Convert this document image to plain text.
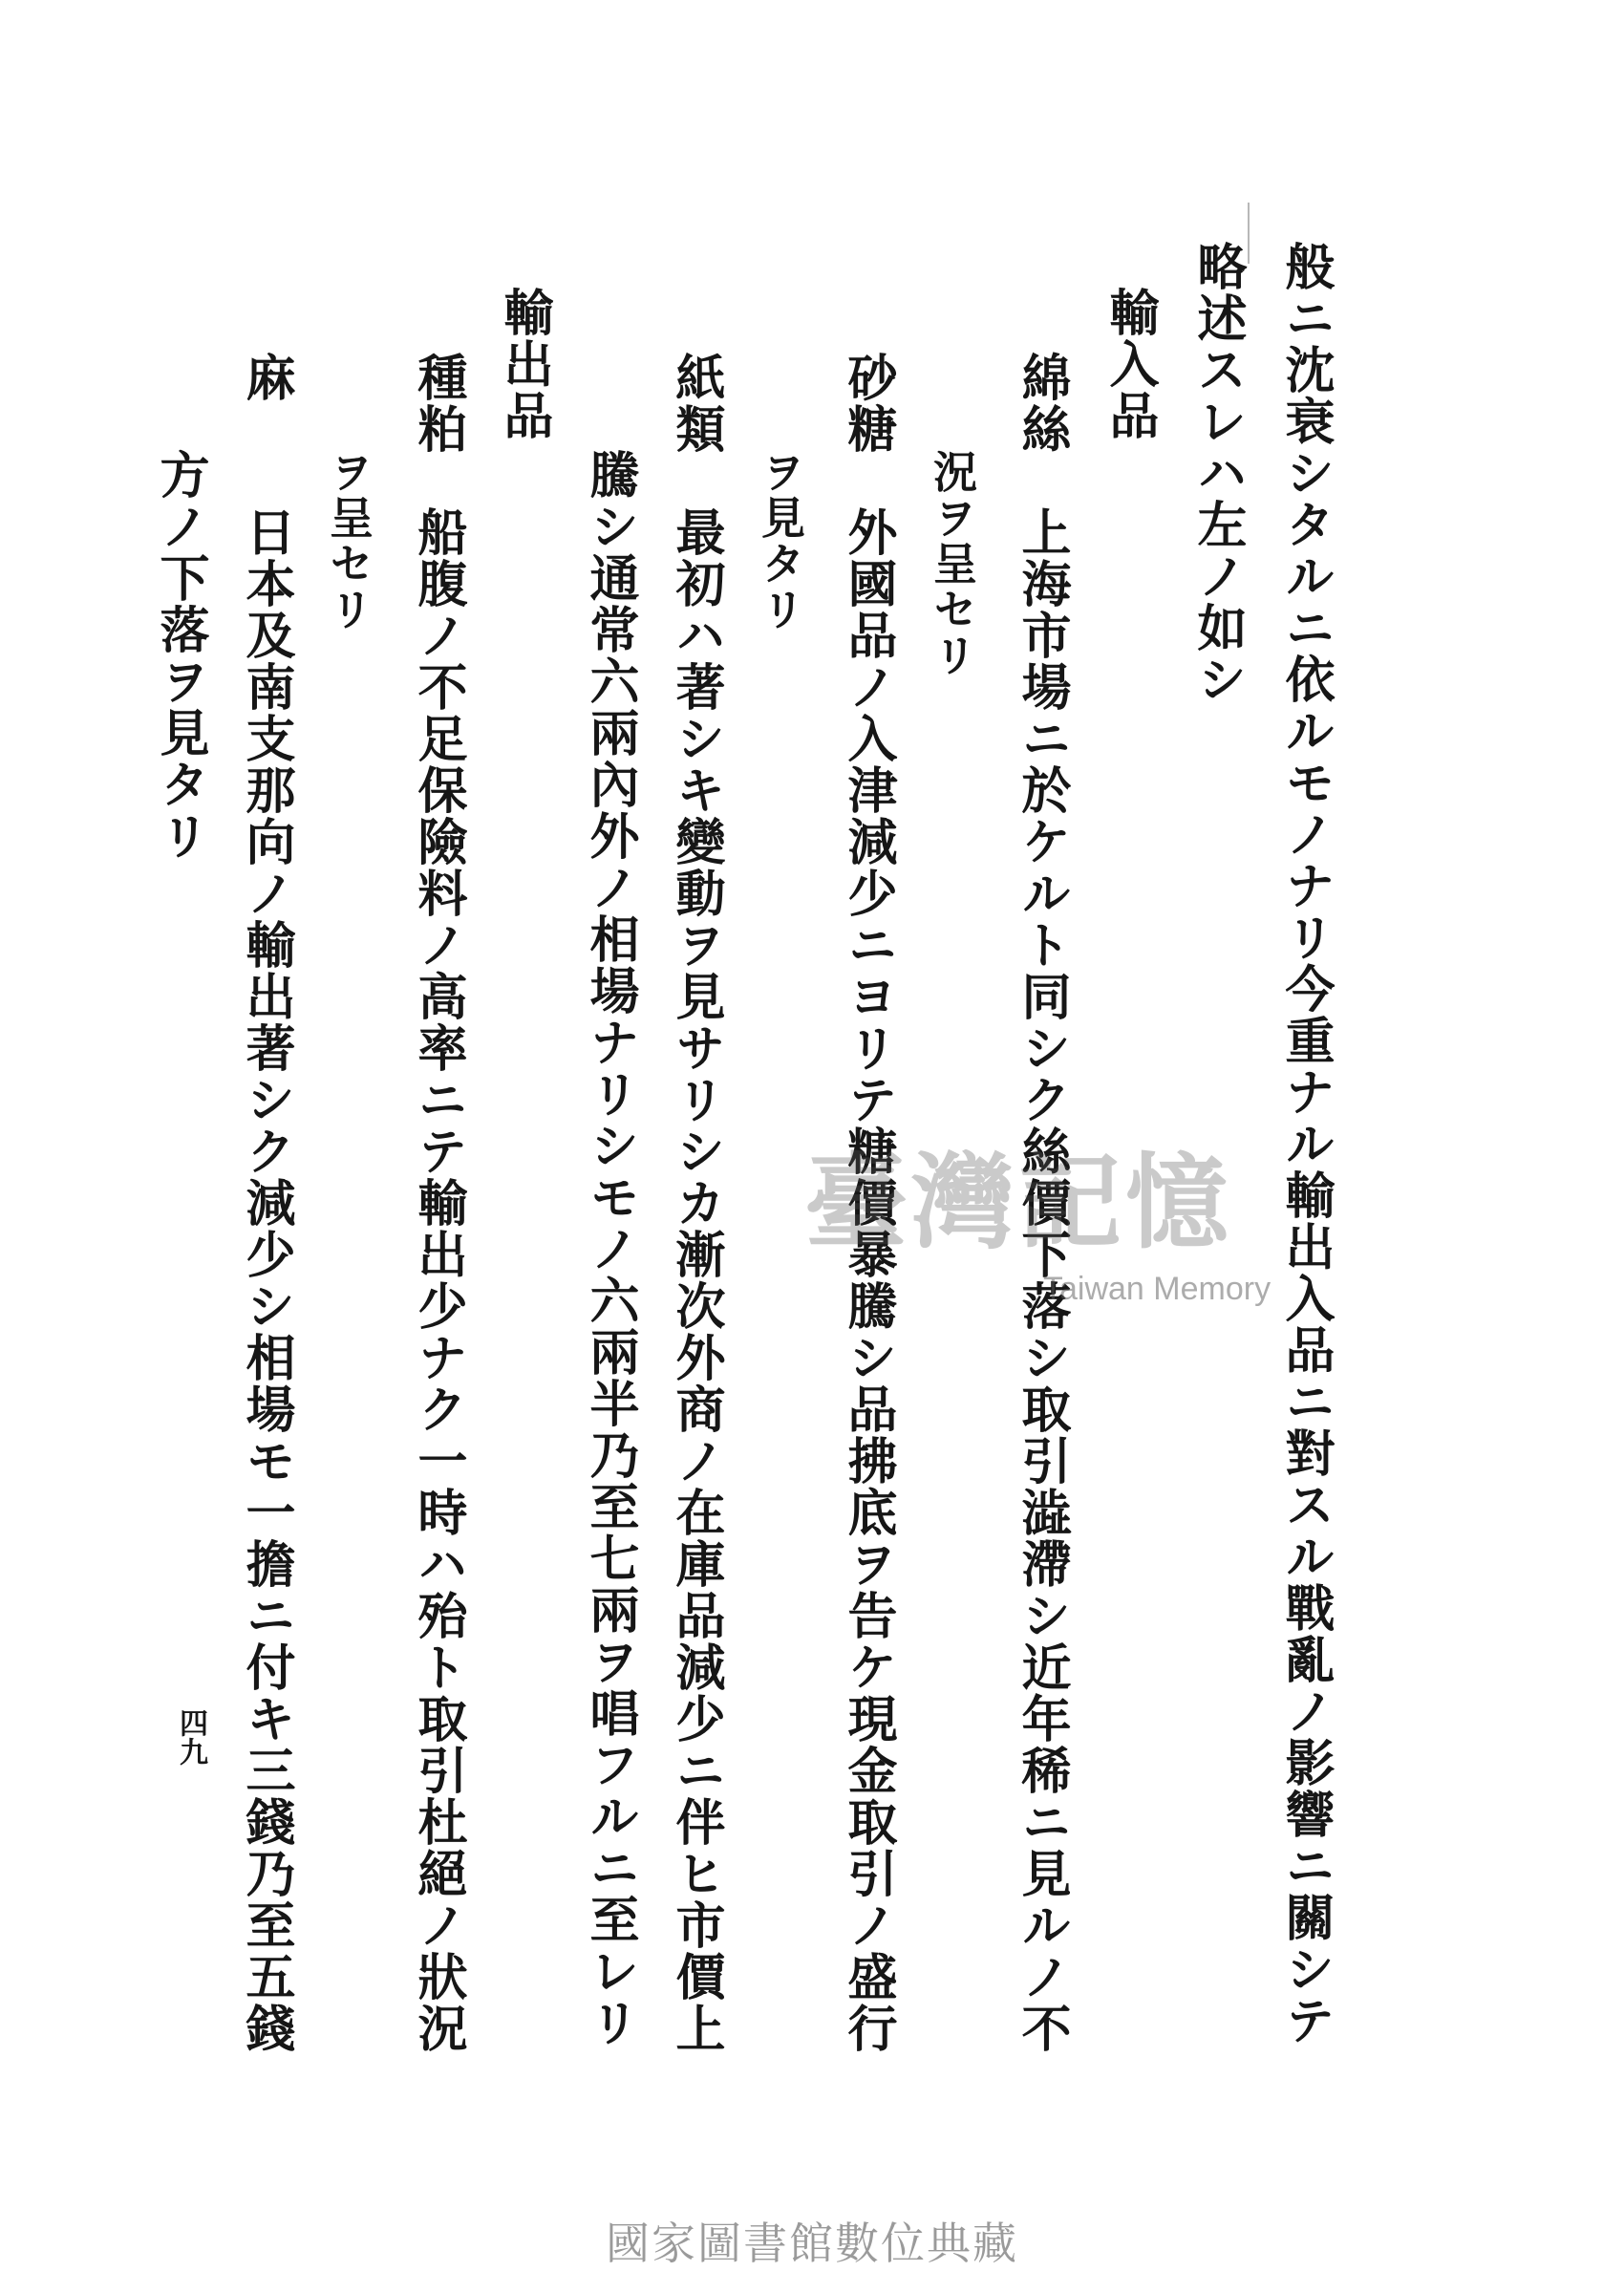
般ニ沈衰シタルニ依ルモノナリ今重ナル輸出入品ニ對スル戰亂ノ影響ニ關シテ

略述スレハ左ノ如シ

輸入品

綿絲　上海市場ニ於ケルト同シク絲價下落シ取引澁滯シ近年稀ニ見ルノ不

況ヲ呈セリ

砂糖　外國品ノ入津減少ニヨリテ糖價暴騰シ品拂底ヲ告ケ現金取引ノ盛行

ヲ見タリ

紙類　最初ハ著シキ變動ヲ見サリシカ漸次外商ノ在庫品減少ニ伴ヒ市價上

騰シ通常六兩內外ノ相場ナリシモノ六兩半乃至七兩ヲ唱フルニ至レリ

輸出品

種粕　船腹ノ不足保險料ノ高率ニテ輸出少ナク一時ハ殆ト取引杜絕ノ狀況

ヲ呈セリ

麻　　日本及南支那向ノ輸出著シク減少シ相場モ一擔ニ付キ三錢乃至五錢

方ノ下落ヲ見タリ

四九
臺灣記憶
Taiwan Memory
國家圖書館數位典藏
